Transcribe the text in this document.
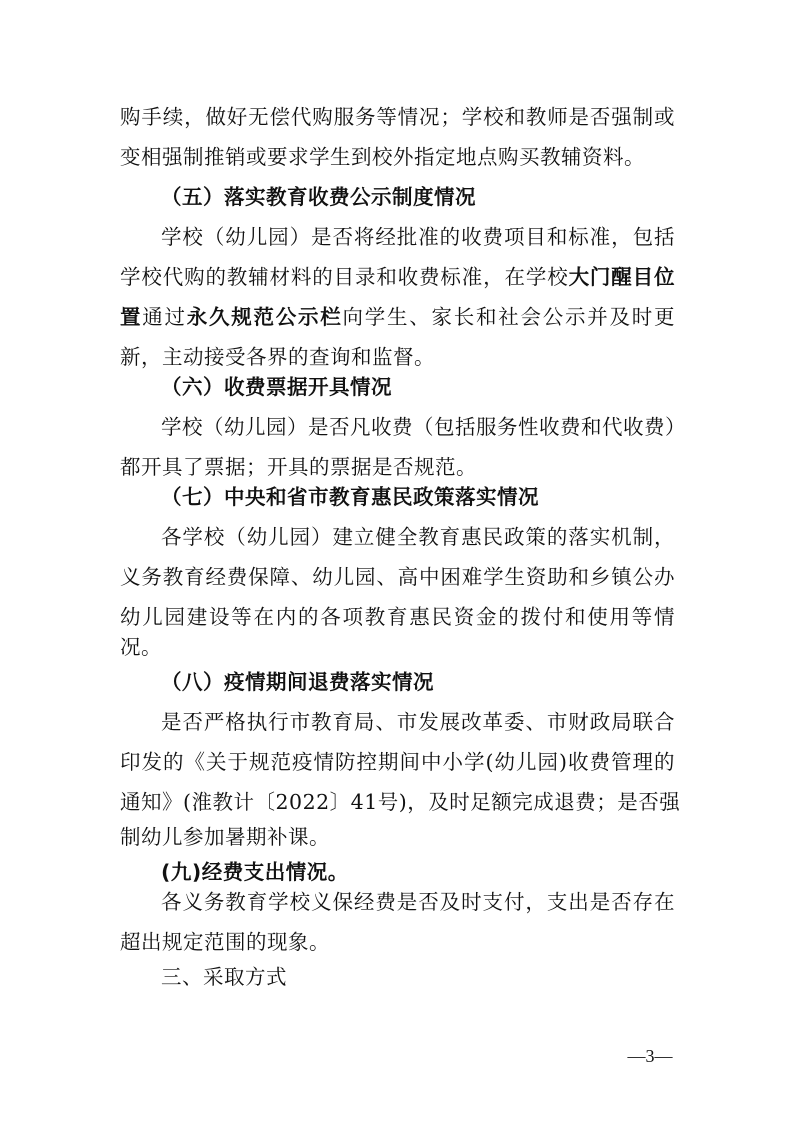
购手续，做好无偿代购服务等情况；学校和教师是否强制或
变相强制推销或要求学生到校外指定地点购买教辅资料。
（五）落实教育收费公示制度情况
学校（幼儿园）是否将经批准的收费项目和标准，包括
学校代购的教辅材料的目录和收费标准，在学校大门醒目位
置通过永久规范公示栏向学生、家长和社会公示并及时更
新，主动接受各界的查询和监督。
（六）收费票据开具情况
学校（幼儿园）是否凡收费（包括服务性收费和代收费）
都开具了票据；开具的票据是否规范。
（七）中央和省市教育惠民政策落实情况
各学校（幼儿园）建立健全教育惠民政策的落实机制，
义务教育经费保障、幼儿园、高中困难学生资助和乡镇公办
幼儿园建设等在内的各项教育惠民资金的拨付和使用等情
况。
（八）疫情期间退费落实情况
是否严格执行市教育局、市发展改革委、市财政局联合
印发的《关于规范疫情防控期间中小学(幼儿园)收费管理的
通知》(淮教计〔2022〕41号)，及时足额完成退费；是否强
制幼儿参加暑期补课。
(九)经费支出情况。
各义务教育学校义保经费是否及时支付，支出是否存在
超出规定范围的现象。
三、采取方式
—3—
